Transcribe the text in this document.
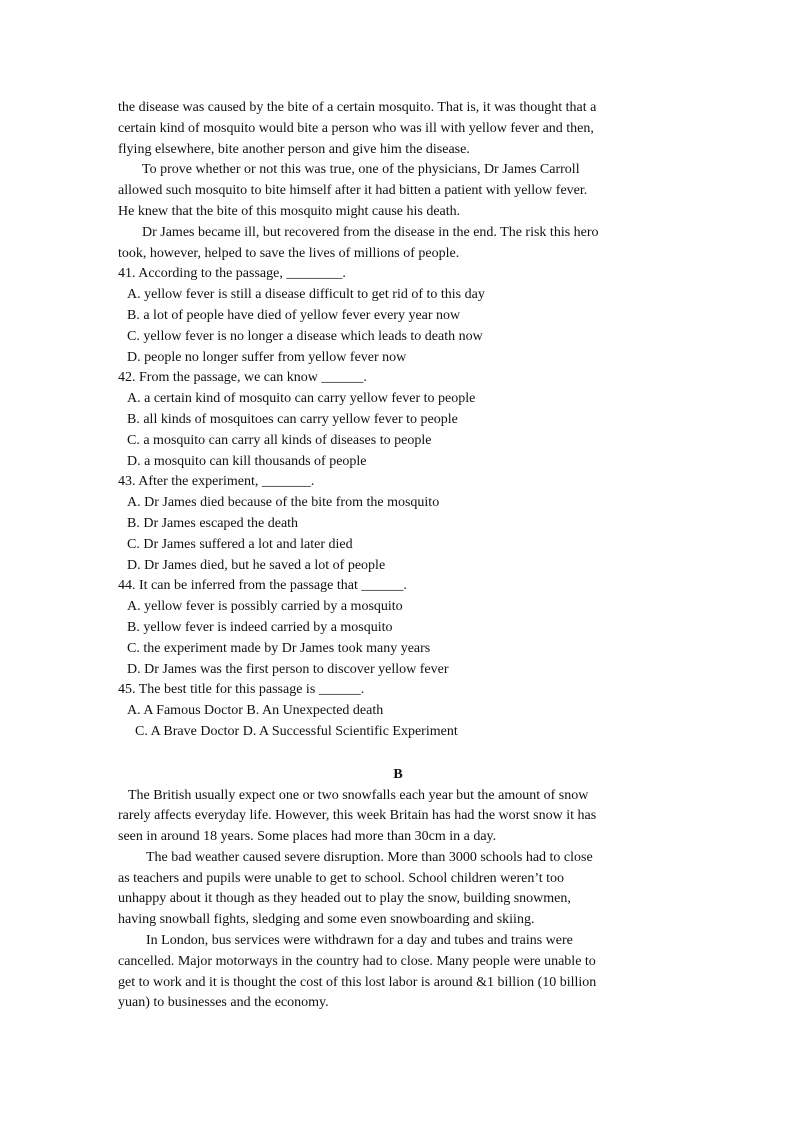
the disease was caused by the bite of a certain mosquito. That is, it was thought that a
certain kind of mosquito would bite a person who was ill with yellow fever and then,
flying elsewhere, bite another person and give him the disease.
To prove whether or not this was true, one of the physicians, Dr James Carroll
allowed such mosquito to bite himself after it had bitten a patient with yellow fever.
He knew that the bite of this mosquito might cause his death.
Dr James became ill, but recovered from the disease in the end. The risk this hero
took, however, helped to save the lives of millions of people.
41. According to the passage, ________.
A. yellow fever is still a disease difficult to get rid of to this day
B. a lot of people have died of yellow fever every year now
C. yellow fever is no longer a disease which leads to death now
D. people no longer suffer from yellow fever now
42. From the passage, we can know ______.
A. a certain kind of mosquito can carry yellow fever to people
B. all kinds of mosquitoes can carry yellow fever to people
C. a mosquito can carry all kinds of diseases to people
D. a mosquito can kill thousands of people
43. After the experiment, _______.
A. Dr James died because of the bite from the mosquito
B. Dr James escaped the death
C. Dr James suffered a lot and later died
D. Dr James died, but he saved a lot of people
44. It can be inferred from the passage that ______.
A. yellow fever is possibly carried by a mosquito
B. yellow fever is indeed carried by a mosquito
C. the experiment made by Dr James took many years
D. Dr James was the first person to discover yellow fever
45. The best title for this passage is ______.
A. A Famous Doctor B. An Unexpected death
C. A Brave Doctor D. A Successful Scientific Experiment
B
The British usually expect one or two snowfalls each year but the amount of snow
rarely affects everyday life. However, this week Britain has had the worst snow it has
seen in around 18 years. Some places had more than 30cm in a day.
The bad weather caused severe disruption. More than 3000 schools had to close
as teachers and pupils were unable to get to school. School children weren’t too
unhappy about it though as they headed out to play the snow, building snowmen,
having snowball fights, sledging and some even snowboarding and skiing.
In London, bus services were withdrawn for a day and tubes and trains were
cancelled. Major motorways in the country had to close. Many people were unable to
get to work and it is thought the cost of this lost labor is around &1 billion (10 billion
yuan) to businesses and the economy.
